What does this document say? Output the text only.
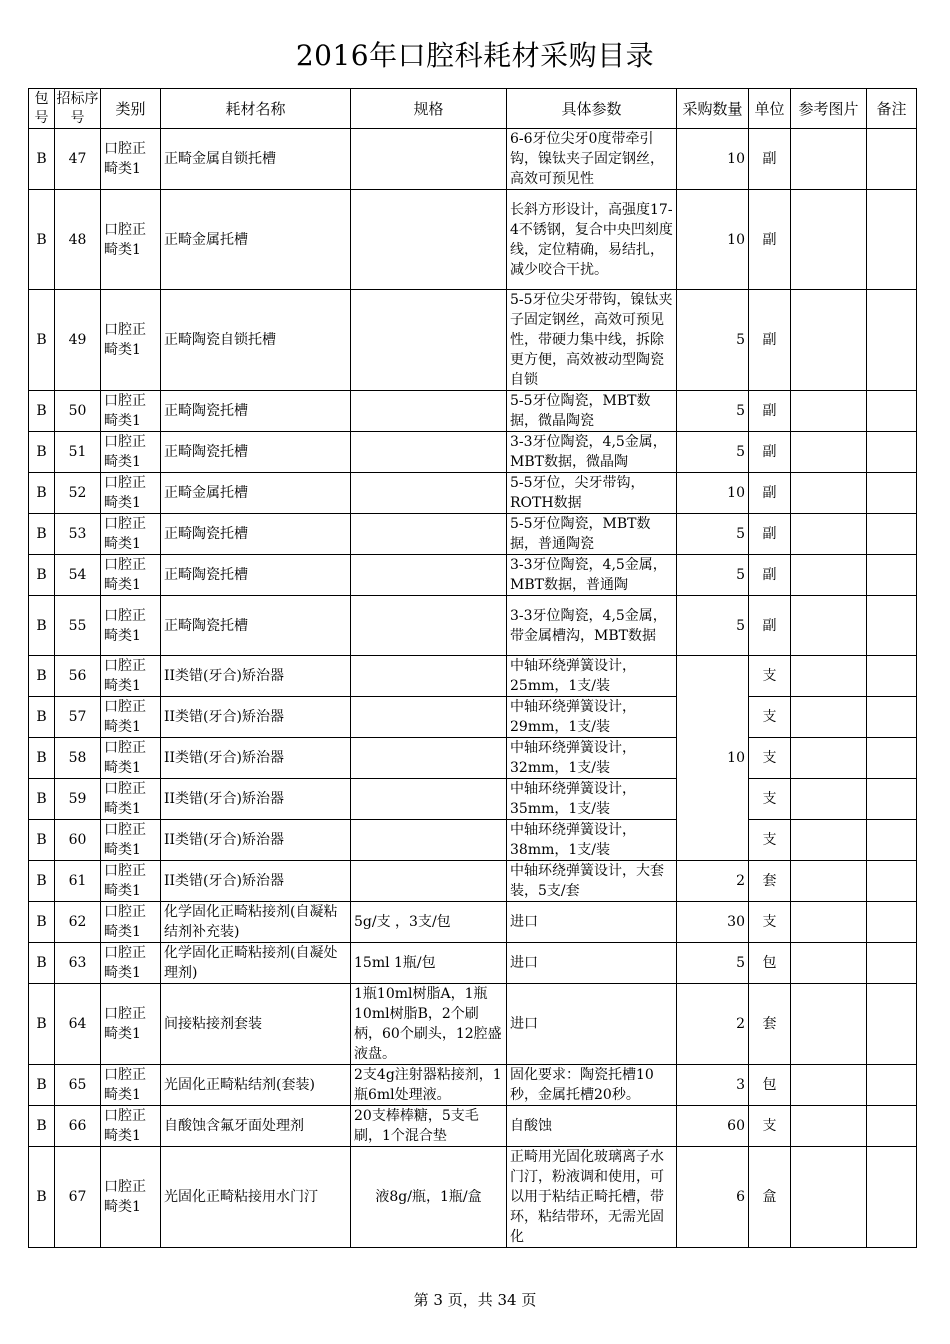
2016年口腔科耗材采购目录
包号	招标序号	类别	耗材名称	规格	具体参数	采购数量	单位	参考图片	备注
B	47	口腔正畸类1	正畸金属自锁托槽		6-6牙位尖牙0度带牵引钩，镍钛夹子固定钢丝，高效可预见性	10	副		
B	48	口腔正畸类1	正畸金属托槽		长斜方形设计，高强度17-4不锈钢，复合中央凹刻度线，定位精确，易结扎，减少咬合干扰。	10	副		
B	49	口腔正畸类1	正畸陶瓷自锁托槽		5-5牙位尖牙带钩，镍钛夹子固定钢丝，高效可预见性，带硬力集中线，拆除更方便，高效被动型陶瓷自锁	5	副		
B	50	口腔正畸类1	正畸陶瓷托槽		5-5牙位陶瓷，MBT数据，微晶陶瓷	5	副		
B	51	口腔正畸类1	正畸陶瓷托槽		3-3牙位陶瓷，4,5金属，MBT数据，微晶陶	5	副		
B	52	口腔正畸类1	正畸金属托槽		5-5牙位，尖牙带钩，ROTH数据	10	副		
B	53	口腔正畸类1	正畸陶瓷托槽		5-5牙位陶瓷，MBT数据，普通陶瓷	5	副		
B	54	口腔正畸类1	正畸陶瓷托槽		3-3牙位陶瓷，4,5金属，MBT数据，普通陶	5	副		
B	55	口腔正畸类1	正畸陶瓷托槽		3-3牙位陶瓷，4,5金属，带金属槽沟，MBT数据	5	副		
B	56	口腔正畸类1	II类错(牙合)矫治器		中轴环绕弹簧设计，25mm，1支/装	10	支		
B	57	口腔正畸类1	II类错(牙合)矫治器		中轴环绕弹簧设计，29mm，1支/装		支		
B	58	口腔正畸类1	II类错(牙合)矫治器		中轴环绕弹簧设计，32mm，1支/装		支		
B	59	口腔正畸类1	II类错(牙合)矫治器		中轴环绕弹簧设计，35mm，1支/装		支		
B	60	口腔正畸类1	II类错(牙合)矫治器		中轴环绕弹簧设计，38mm，1支/装		支		
B	61	口腔正畸类1	II类错(牙合)矫治器		中轴环绕弹簧设计，大套装，5支/套	2	套		
B	62	口腔正畸类1	化学固化正畸粘接剂(自凝粘结剂补充装)	5g/支 ，3支/包	进口	30	支		
B	63	口腔正畸类1	化学固化正畸粘接剂(自凝处理剂)	15ml 1瓶/包	进口	5	包		
B	64	口腔正畸类1	间接粘接剂套装	1瓶10ml树脂A，1瓶10ml树脂B，2个刷柄，60个刷头，12腔盛液盘。	进口	2	套		
B	65	口腔正畸类1	光固化正畸粘结剂(套装)	2支4g注射器粘接剂，1瓶6ml处理液。	固化要求：陶瓷托槽10秒，金属托槽20秒。	3	包		
B	66	口腔正畸类1	自酸蚀含氟牙面处理剂	20支棒棒糖，5支毛刷，1个混合垫	自酸蚀	60	支		
B	67	口腔正畸类1	光固化正畸粘接用水门汀	液8g/瓶，1瓶/盒	正畸用光固化玻璃离子水门汀，粉液调和使用，可以用于粘结正畸托槽，带环，粘结带环，无需光固化	6	盒		
第 3 页，共 34 页
